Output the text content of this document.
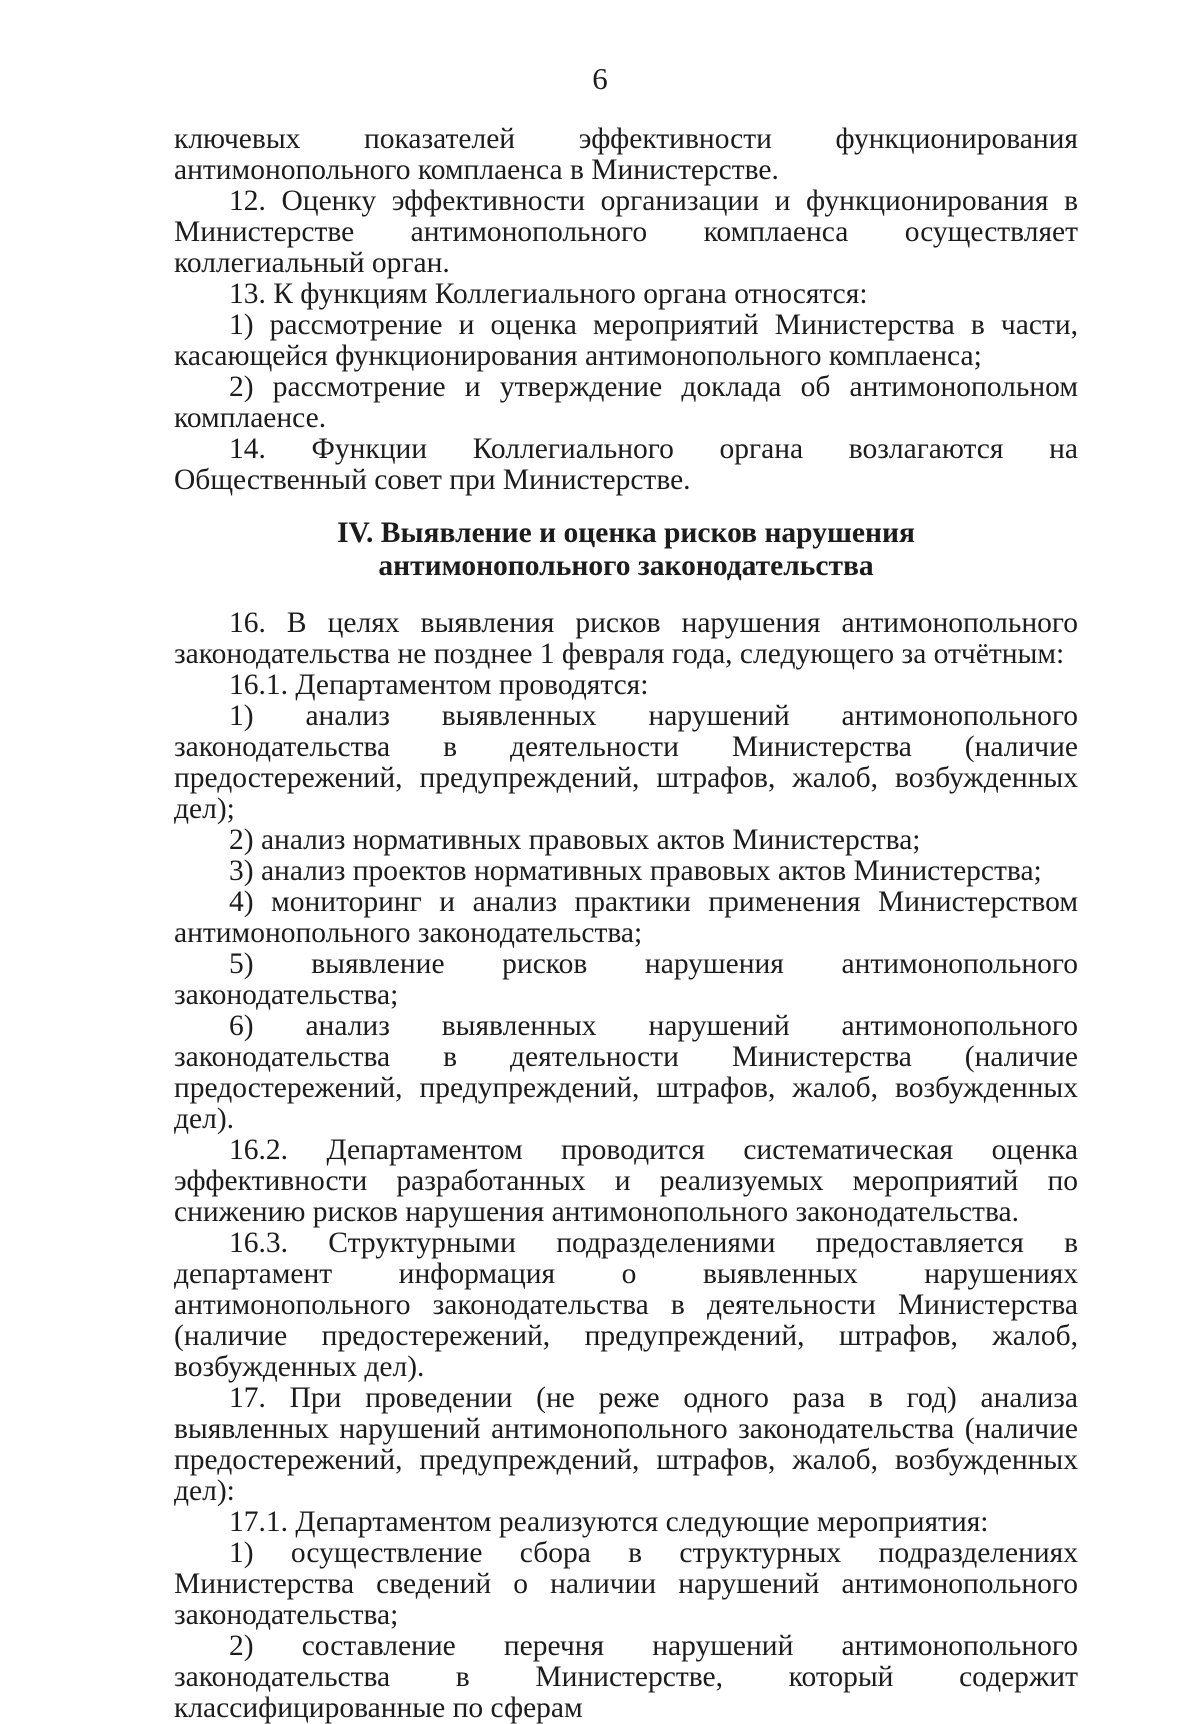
6

ключевых показателей эффективности функционирования антимонопольного комплаенса в Министерстве.

12. Оценку эффективности организации и функционирования в Министерстве антимонопольного комплаенса осуществляет коллегиальный орган.

13. К функциям Коллегиального органа относятся:

1) рассмотрение и оценка мероприятий Министерства в части, касающейся функционирования антимонопольного комплаенса;

2) рассмотрение и утверждение доклада об антимонопольном комплаенсе.

14. Функции Коллегиального органа возлагаются на Общественный совет при Министерстве.

IV. Выявление и оценка рисков нарушения
антимонопольного законодательства

16. В целях выявления рисков нарушения антимонопольного законодательства не позднее 1 февраля года, следующего за отчётным:

16.1. Департаментом проводятся:

1) анализ выявленных нарушений антимонопольного законодательства в деятельности Министерства (наличие предостережений, предупреждений, штрафов, жалоб, возбужденных дел);

2) анализ нормативных правовых актов Министерства;

3) анализ проектов нормативных правовых актов Министерства;

4) мониторинг и анализ практики применения Министерством антимонопольного законодательства;

5) выявление рисков нарушения антимонопольного законодательства;

6) анализ выявленных нарушений антимонопольного законодательства в деятельности Министерства (наличие предостережений, предупреждений, штрафов, жалоб, возбужденных дел).

16.2. Департаментом проводится систематическая оценка эффективности разработанных и реализуемых мероприятий по снижению рисков нарушения антимонопольного законодательства.

16.3. Структурными подразделениями предоставляется в департамент информация о выявленных нарушениях антимонопольного законодательства в деятельности Министерства (наличие предостережений, предупреждений, штрафов, жалоб, возбужденных дел).

17. При проведении (не реже одного раза в год) анализа выявленных нарушений антимонопольного законодательства (наличие предостережений, предупреждений, штрафов, жалоб, возбужденных дел):

17.1. Департаментом реализуются следующие мероприятия:

1) осуществление сбора в структурных подразделениях Министерства сведений о наличии нарушений антимонопольного законодательства;

2) составление перечня нарушений антимонопольного законодательства в Министерстве, который содержит классифицированные по сферам
